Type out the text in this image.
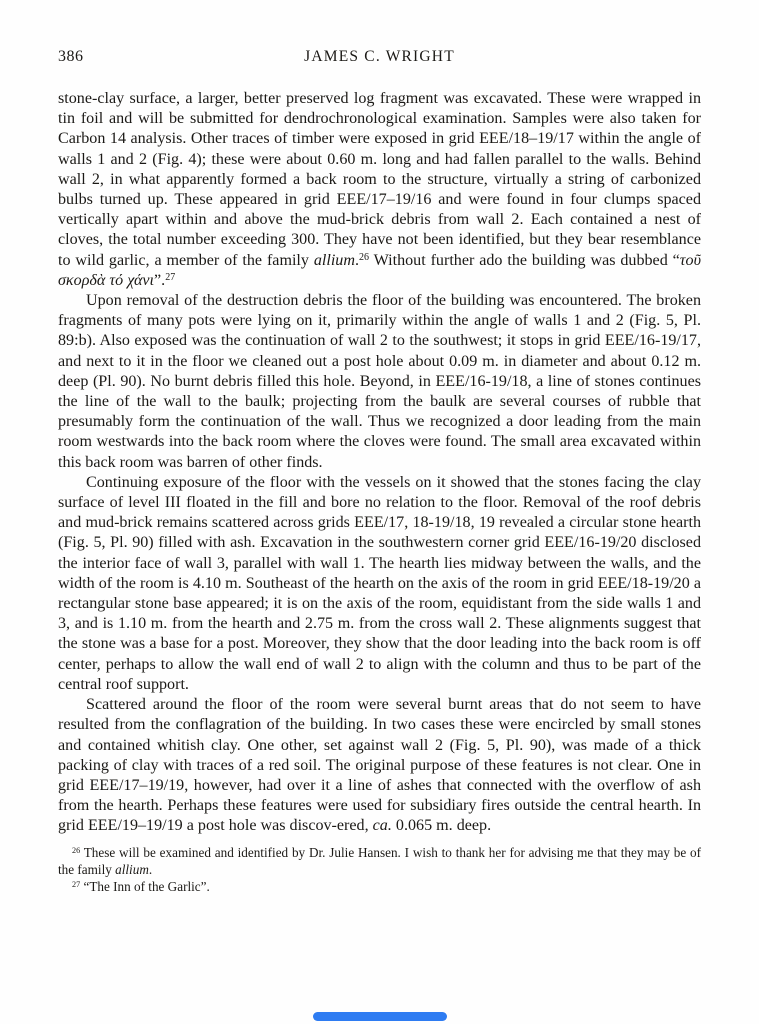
386	JAMES C. WRIGHT

stone-clay surface, a larger, better preserved log fragment was excavated. These were wrapped in tin foil and will be submitted for dendrochronological examination. Samples were also taken for Carbon 14 analysis. Other traces of timber were exposed in grid EEE/18–19/17 within the angle of walls 1 and 2 (Fig. 4); these were about 0.60 m. long and had fallen parallel to the walls. Behind wall 2, in what apparently formed a back room to the structure, virtually a string of carbonized bulbs turned up. These appeared in grid EEE/17–19/16 and were found in four clumps spaced vertically apart within and above the mud-brick debris from wall 2. Each contained a nest of cloves, the total number exceeding 300. They have not been identified, but they bear resemblance to wild garlic, a member of the family allium.$^{26}$ Without further ado the building was dubbed “τοῦ σκορδὰ τό χάνι”.$^{27}$

Upon removal of the destruction debris the floor of the building was encountered. The broken fragments of many pots were lying on it, primarily within the angle of walls 1 and 2 (Fig. 5, Pl. 89:b). Also exposed was the continuation of wall 2 to the southwest; it stops in grid EEE/16-19/17, and next to it in the floor we cleaned out a post hole about 0.09 m. in diameter and about 0.12 m. deep (Pl. 90). No burnt debris filled this hole. Beyond, in EEE/16-19/18, a line of stones continues the line of the wall to the baulk; projecting from the baulk are several courses of rubble that presumably form the continuation of the wall. Thus we recognized a door leading from the main room westwards into the back room where the cloves were found. The small area excavated within this back room was barren of other finds.

Continuing exposure of the floor with the vessels on it showed that the stones facing the clay surface of level III floated in the fill and bore no relation to the floor. Removal of the roof debris and mud-brick remains scattered across grids EEE/17, 18-19/18, 19 revealed a circular stone hearth (Fig. 5, Pl. 90) filled with ash. Excavation in the southwestern corner grid EEE/16-19/20 disclosed the interior face of wall 3, parallel with wall 1. The hearth lies midway between the walls, and the width of the room is 4.10 m. Southeast of the hearth on the axis of the room in grid EEE/18-19/20 a rectangular stone base appeared; it is on the axis of the room, equidistant from the side walls 1 and 3, and is 1.10 m. from the hearth and 2.75 m. from the cross wall 2. These alignments suggest that the stone was a base for a post. Moreover, they show that the door leading into the back room is off center, perhaps to allow the wall end of wall 2 to align with the column and thus to be part of the central roof support.

Scattered around the floor of the room were several burnt areas that do not seem to have resulted from the conflagration of the building. In two cases these were encircled by small stones and contained whitish clay. One other, set against wall 2 (Fig. 5, Pl. 90), was made of a thick packing of clay with traces of a red soil. The original purpose of these features is not clear. One in grid EEE/17–19/19, however, had over it a line of ashes that connected with the overflow of ash from the hearth. Perhaps these features were used for subsidiary fires outside the central hearth. In grid EEE/19–19/19 a post hole was discov-ered, ca. 0.065 m. deep.

$^{26}$ These will be examined and identified by Dr. Julie Hansen. I wish to thank her for advising me that they may be of the family allium.

$^{27}$ “The Inn of the Garlic”.
